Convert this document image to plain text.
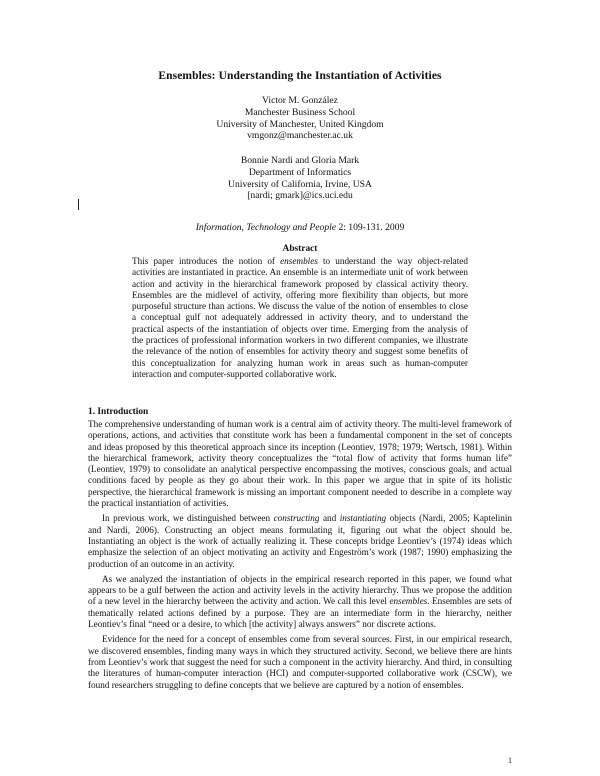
Ensembles: Understanding the Instantiation of Activities
Victor M. González
Manchester Business School
University of Manchester, United Kingdom
vmgonz@manchester.ac.uk
Bonnie Nardi and Gloria Mark
Department of Informatics
University of California, Irvine, USA
[nardi; gmark]@ics.uci.edu
Information, Technology and People 2: 109-131. 2009
Abstract
This paper introduces the notion of ensembles to understand the way object-related activities are instantiated in practice. An ensemble is an intermediate unit of work between action and activity in the hierarchical framework proposed by classical activity theory. Ensembles are the midlevel of activity, offering more flexibility than objects, but more purposeful structure than actions. We discuss the value of the notion of ensembles to close a conceptual gulf not adequately addressed in activity theory, and to understand the practical aspects of the instantiation of objects over time. Emerging from the analysis of the practices of professional information workers in two different companies, we illustrate the relevance of the notion of ensembles for activity theory and suggest some benefits of this conceptualization for analyzing human work in areas such as human-computer interaction and computer-supported collaborative work.
1. Introduction

The comprehensive understanding of human work is a central aim of activity theory. The multi-level framework of operations, actions, and activities that constitute work has been a fundamental component in the set of concepts and ideas proposed by this theoretical approach since its inception (Leontiev, 1978; 1979; Wertsch, 1981). Within the hierarchical framework, activity theory conceptualizes the “total flow of activity that forms human life” (Leontiev, 1979) to consolidate an analytical perspective encompassing the motives, conscious goals, and actual conditions faced by people as they go about their work. In this paper we argue that in spite of its holistic perspective, the hierarchical framework is missing an important component needed to describe in a complete way the practical instantiation of activities.

In previous work, we distinguished between constructing and instantiating objects (Nardi, 2005; Kaptelinin and Nardi, 2006). Constructing an object means formulating it, figuring out what the object should be. Instantiating an object is the work of actually realizing it. These concepts bridge Leontiev’s (1974) ideas which emphasize the selection of an object motivating an activity and Engeström’s work (1987; 1990) emphasizing the production of an outcome in an activity.

As we analyzed the instantiation of objects in the empirical research reported in this paper, we found what appears to be a gulf between the action and activity levels in the activity hierarchy. Thus we propose the addition of a new level in the hierarchy between the activity and action. We call this level ensembles. Ensembles are sets of thematically related actions defined by a purpose. They are an intermediate form in the hierarchy, neither Leontiev’s final “need or a desire, to which [the activity] always answers” nor discrete actions.

Evidence for the need for a concept of ensembles come from several sources. First, in our empirical research, we discovered ensembles, finding many ways in which they structured activity. Second, we believe there are hints from Leontiev’s work that suggest the need for such a component in the activity hierarchy. And third, in consulting the literatures of human-computer interaction (HCI) and computer-supported collaborative work (CSCW), we found researchers struggling to define concepts that we believe are captured by a notion of ensembles.

1
